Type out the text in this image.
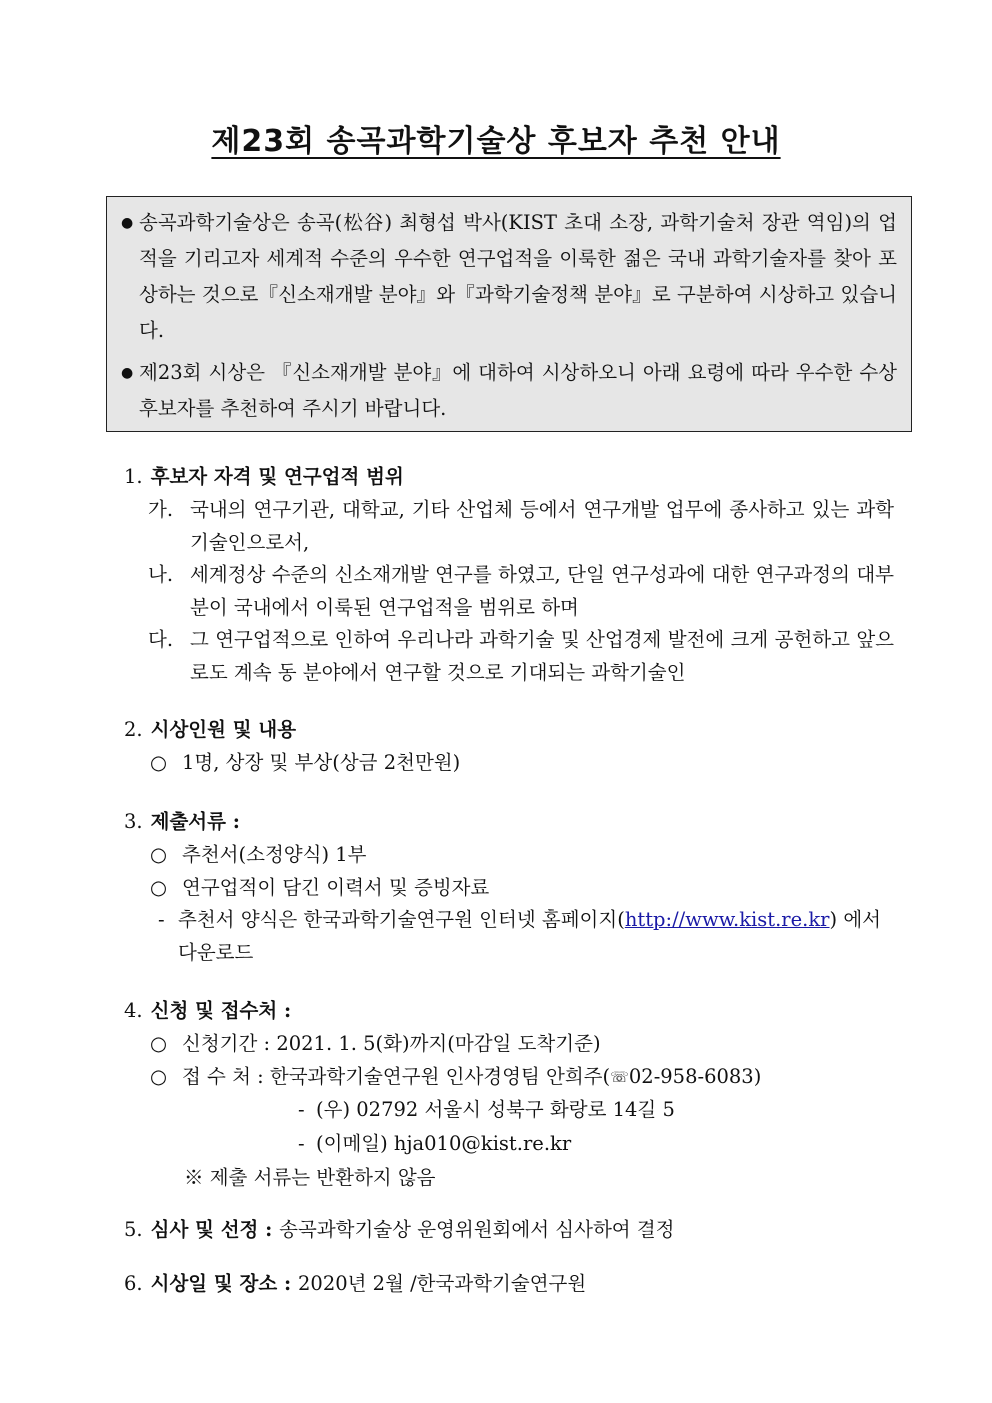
제23회 송곡과학기술상 후보자 추천 안내
● 송곡과학기술상은 송곡(松谷) 최형섭 박사(KIST 초대 소장, 과학기술처 장관 역임)의 업적을 기리고자 세계적 수준의 우수한 연구업적을 이룩한 젊은 국내 과학기술자를 찾아 포상하는 것으로『신소재개발 분야』와『과학기술정책 분야』로 구분하여 시상하고 있습니다.
● 제23회 시상은 『신소재개발 분야』에 대하여 시상하오니 아래 요령에 따라 우수한 수상후보자를 추천하여 주시기 바랍니다.
1. 후보자 자격 및 연구업적 범위
가. 국내의 연구기관, 대학교, 기타 산업체 등에서 연구개발 업무에 종사하고 있는 과학기술인으로서,
나. 세계정상 수준의 신소재개발 연구를 하였고, 단일 연구성과에 대한 연구과정의 대부분이 국내에서 이룩된 연구업적을 범위로 하며
다. 그 연구업적으로 인하여 우리나라 과학기술 및 산업경제 발전에 크게 공헌하고 앞으로도 계속 동 분야에서 연구할 것으로 기대되는 과학기술인
2. 시상인원 및 내용
○ 1명, 상장 및 부상(상금 2천만원)
3. 제출서류 :
○ 추천서(소정양식) 1부
○ 연구업적이 담긴 이력서 및 증빙자료
- 추천서 양식은 한국과학기술연구원 인터넷 홈페이지(http://www.kist.re.kr) 에서 다운로드
4. 신청 및 접수처 :
○ 신청기간 : 2021. 1. 5(화)까지(마감일 도착기준)
○ 접 수 처 : 한국과학기술연구원 인사경영팀 안희주(☏02-958-6083)
- (우) 02792 서울시 성북구 화랑로 14길 5
- (이메일) hja010@kist.re.kr
※ 제출 서류는 반환하지 않음
5. 심사 및 선정 : 송곡과학기술상 운영위원회에서 심사하여 결정
6. 시상일 및 장소 : 2020년 2월 /한국과학기술연구원
